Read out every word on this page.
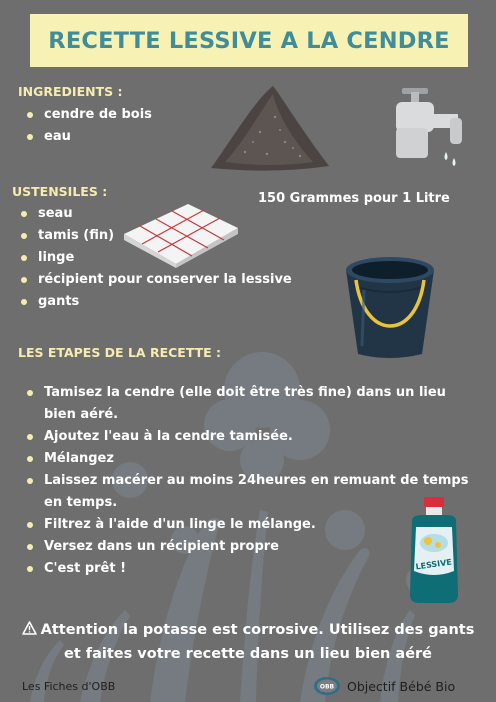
RECETTE LESSIVE A LA CENDRE
INGREDIENTS :
cendre de bois
eau
USTENSILES :
seau
tamis (fin)
linge
récipient pour conserver la lessive
gants
150 Grammes pour 1 Litre
LES ETAPES DE LA RECETTE :
Tamisez la cendre (elle doit être très fine) dans un lieu bien aéré.
Ajoutez l'eau à la cendre tamisée.
Mélangez
Laissez macérer au moins 24heures en remuant de temps en temps.
Filtrez à l'aide d'un linge le mélange.
Versez dans un récipient propre
C'est prêt !	LESSIVE
Attention la potasse est corrosive. Utilisez des gants et faites votre recette dans un lieu bien aéré
Les Fiches d'OBB	OBB Objectif Bébé Bio
